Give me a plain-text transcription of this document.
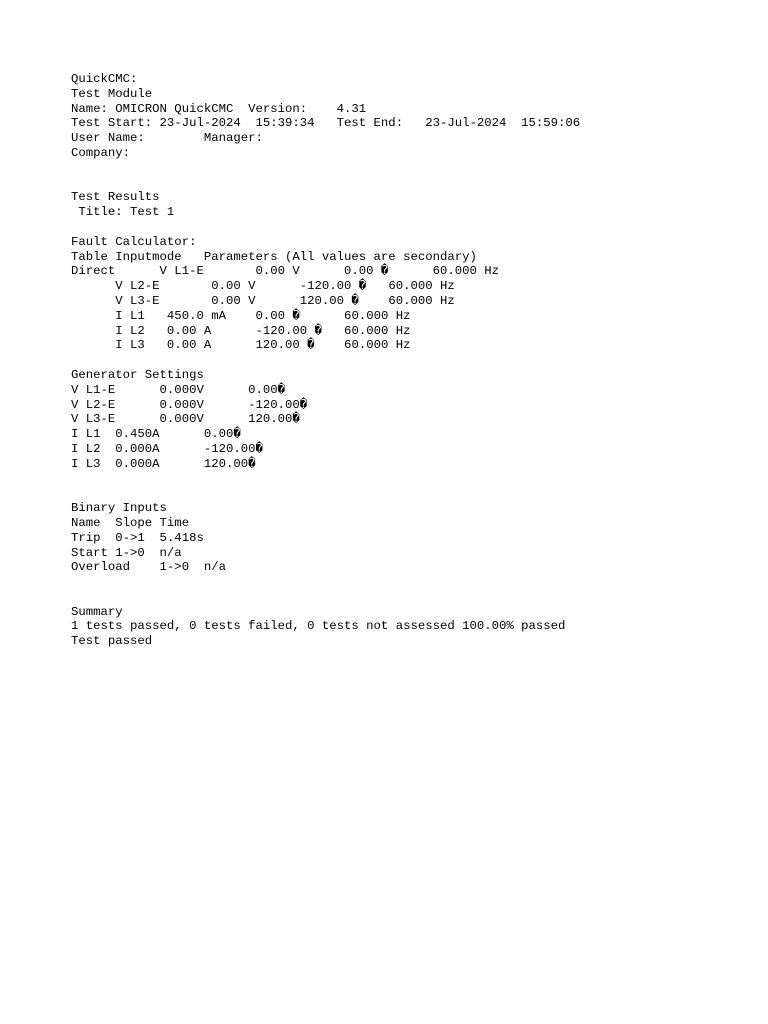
QuickCMC:
Test Module
Name: OMICRON QuickCMC  Version:    4.31
Test Start: 23-Jul-2024  15:39:34   Test End:   23-Jul-2024  15:59:06
User Name:        Manager:
Company:
Test Results
Title: Test 1
Fault Calculator:
Table Inputmode   Parameters (All values are secondary)
Direct      V L1-E       0.00 V      0.00 �      60.000 Hz
V L2-E       0.00 V      -120.00 �   60.000 Hz
V L3-E       0.00 V      120.00 �    60.000 Hz
I L1   450.0 mA    0.00 �      60.000 Hz
I L2   0.00 A      -120.00 �   60.000 Hz
I L3   0.00 A      120.00 �    60.000 Hz
Generator Settings
V L1-E      0.000V      0.00�
V L2-E      0.000V      -120.00�
V L3-E      0.000V      120.00�
I L1  0.450A      0.00�
I L2  0.000A      -120.00�
I L3  0.000A      120.00�
Binary Inputs
Name  Slope Time
Trip  0->1  5.418s
Start 1->0  n/a
Overload    1->0  n/a
Summary
1 tests passed, 0 tests failed, 0 tests not assessed 100.00% passed
Test passed
